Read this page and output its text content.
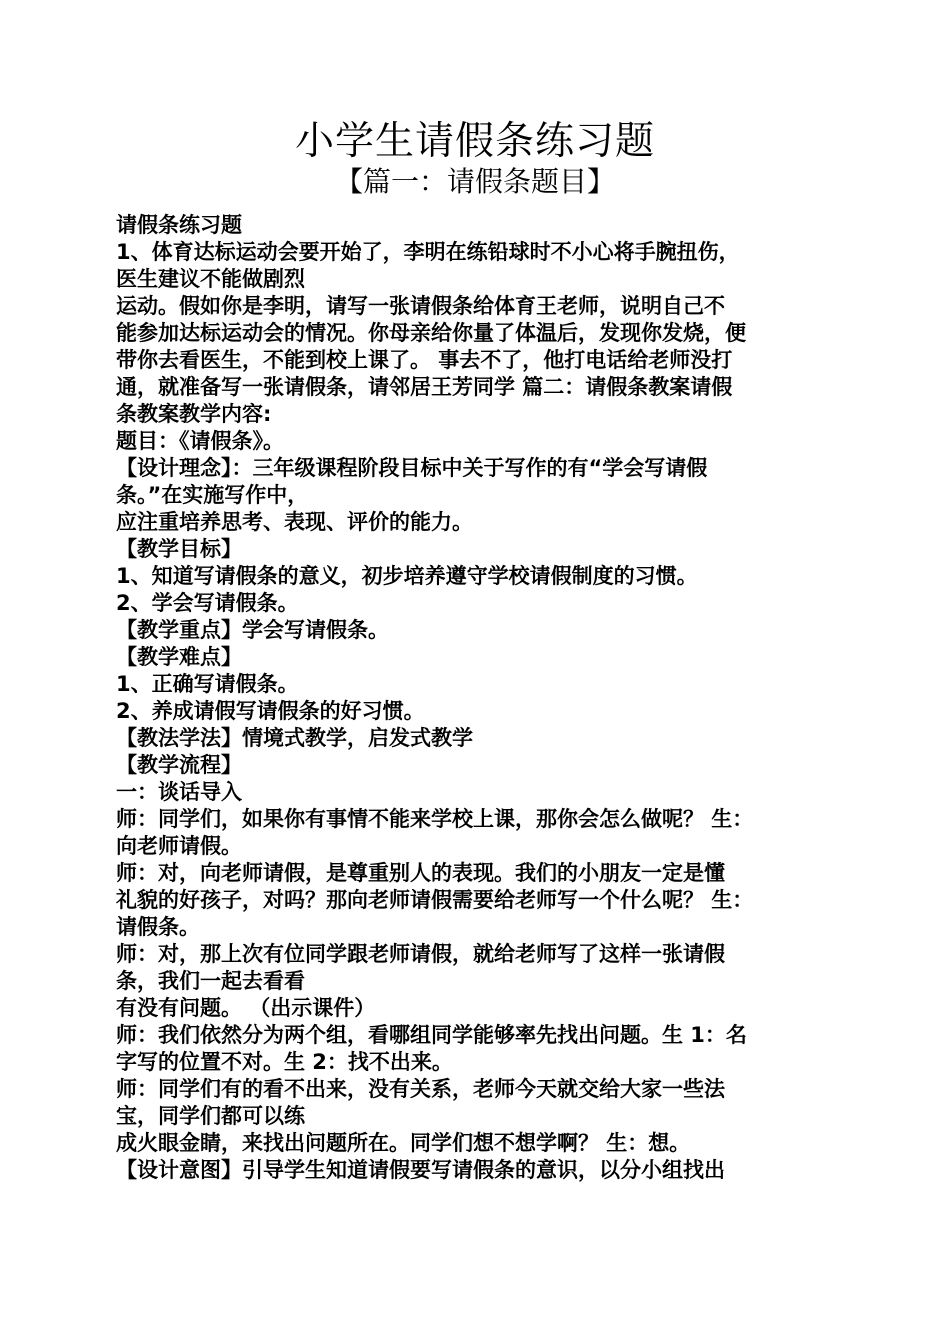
小学生请假条练习题
【篇一：请假条题目】
请假条练习题
1、体育达标运动会要开始了，李明在练铅球时不小心将手腕扭伤，
医生建议不能做剧烈
运动。假如你是李明，请写一张请假条给体育王老师，说明自己不
能参加达标运动会的情况。你母亲给你量了体温后，发现你发烧，便
带你去看医生，不能到校上课了。 事去不了，他打电话给老师没打
通，就准备写一张请假条，请邻居王芳同学 篇二：请假条教案请假
条教案教学内容:
题目：《请假条》。
【设计理念】：三年级课程阶段目标中关于写作的有“学会写请假
条。”在实施写作中，
应注重培养思考、表现、评价的能力。
【教学目标】
1、知道写请假条的意义，初步培养遵守学校请假制度的习惯。
2、学会写请假条。
【教学重点】学会写请假条。
【教学难点】
1、正确写请假条。
2、养成请假写请假条的好习惯。
【教法学法】情境式教学，启发式教学
【教学流程】
一：谈话导入
师：同学们，如果你有事情不能来学校上课，那你会怎么做呢？ 生：
向老师请假。
师：对，向老师请假，是尊重别人的表现。我们的小朋友一定是懂
礼貌的好孩子，对吗？那向老师请假需要给老师写一个什么呢？ 生：
请假条。
师：对，那上次有位同学跟老师请假，就给老师写了这样一张请假
条，我们一起去看看
有没有问题。 （出示课件）
师：我们依然分为两个组，看哪组同学能够率先找出问题。生 1：名
字写的位置不对。生 2：找不出来。
师：同学们有的看不出来，没有关系，老师今天就交给大家一些法
宝，同学们都可以练
成火眼金睛，来找出问题所在。同学们想不想学啊？ 生：想。
【设计意图】引导学生知道请假要写请假条的意识，以分小组找出
